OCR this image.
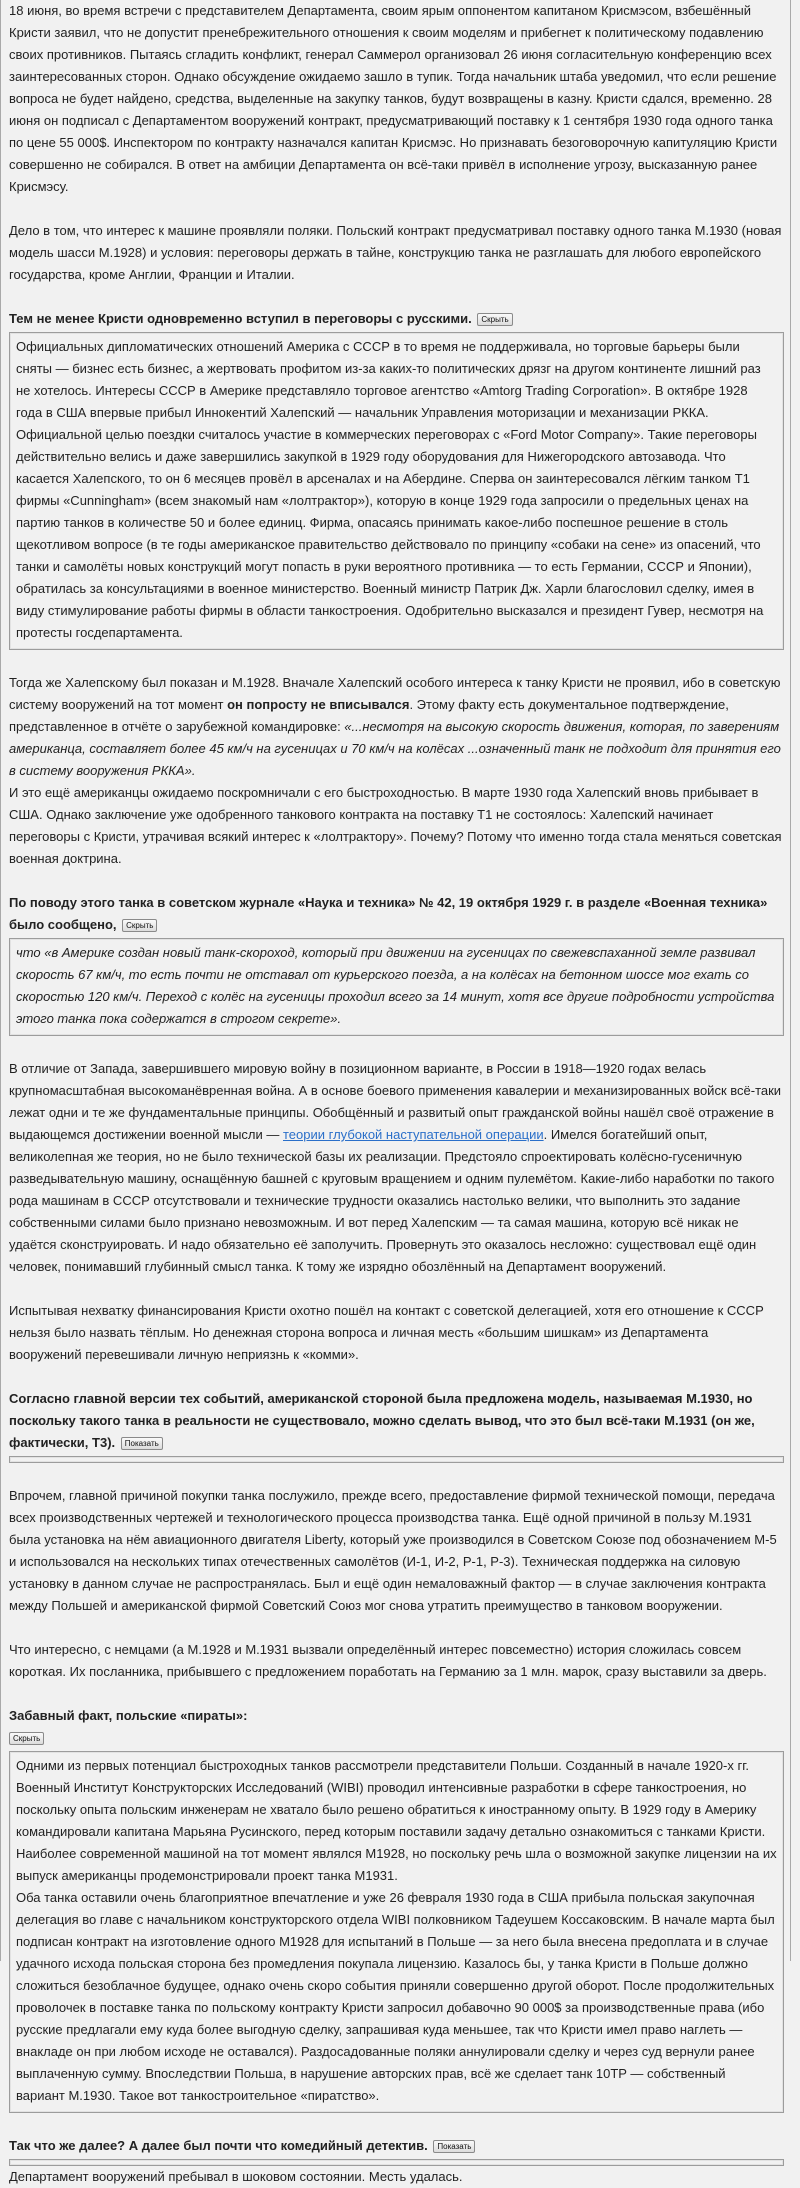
18 июня, во время встречи с представителем Департамента, своим ярым оппонентом капитаном Крисмэсом, взбешённый Кристи заявил, что не допустит пренебрежительного отношения к своим моделям и прибегнет к политическому подавлению своих противников. Пытаясь сгладить конфликт, генерал Саммерол организовал 26 июня согласительную конференцию всех заинтересованных сторон. Однако обсуждение ожидаемо зашло в тупик. Тогда начальник штаба уведомил, что если решение вопроса не будет найдено, средства, выделенные на закупку танков, будут возвращены в казну. Кристи сдался, временно. 28 июня он подписал с Департаментом вооружений контракт, предусматривающий поставку к 1 сентября 1930 года одного танка по цене 55 000$. Инспектором по контракту назначался капитан Крисмэс. Но признавать безоговорочную капитуляцию Кристи совершенно не собирался. В ответ на амбиции Департамента он всё-таки привёл в исполнение угрозу, высказанную ранее Крисмэсу.

Дело в том, что интерес к машине проявляли поляки. Польский контракт предусматривал поставку одного танка М.1930 (новая модель шасси М.1928) и условия: переговоры держать в тайне, конструкцию танка не разглашать для любого европейского государства, кроме Англии, Франции и Италии.

Тем не менее Кристи одновременно вступил в переговоры с русскими. Скрыть

Официальных дипломатических отношений Америка с СССР в то время не поддерживала, но торговые барьеры были сняты — бизнес есть бизнес, а жертвовать профитом из-за каких-то политических дрязг на другом континенте лишний раз не хотелось. Интересы СССР в Америке представляло торговое агентство «Amtorg Trading Corporation». В октябре 1928 года в США впервые прибыл Иннокентий Халепский — начальник Управления моторизации и механизации РККА. Официальной целью поездки считалось участие в коммерческих переговорах с «Ford Motor Company». Такие переговоры действительно велись и даже завершились закупкой в 1929 году оборудования для Нижегородского автозавода. Что касается Халепского, то он 6 месяцев провёл в арсеналах и на Абердине. Сперва он заинтересовался лёгким танком Т1 фирмы «Cunningham» (всем знакомый нам «лолтрактор»), которую в конце 1929 года запросили о предельных ценах на партию танков в количестве 50 и более единиц. Фирма, опасаясь принимать какое-либо поспешное решение в столь щекотливом вопросе (в те годы американское правительство действовало по принципу «собаки на сене» из опасений, что танки и самолёты новых конструкций могут попасть в руки вероятного противника — то есть Германии, СССР и Японии), обратилась за консультациями в военное министерство. Военный министр Патрик Дж. Харли благословил сделку, имея в виду стимулирование работы фирмы в области танкостроения. Одобрительно высказался и президент Гувер, несмотря на протесты госдепартамента.

Тогда же Халепскому был показан и М.1928. Вначале Халепский особого интереса к танку Кристи не проявил, ибо в советскую систему вооружений на тот момент он попросту не вписывался. Этому факту есть документальное подтверждение, представленное в отчёте о зарубежной командировке: «...несмотря на высокую скорость движения, которая, по заверениям американца, составляет более 45 км/ч на гусеницах и 70 км/ч на колёсах ...означенный танк не подходит для принятия его в систему вооружения РККА».

И это ещё американцы ожидаемо поскромничали с его быстроходностью. В марте 1930 года Халепский вновь прибывает в США. Однако заключение уже одобренного танкового контракта на поставку Т1 не состоялось: Халепский начинает переговоры с Кристи, утрачивая всякий интерес к «лолтрактору». Почему? Потому что именно тогда стала меняться советская военная доктрина.

По поводу этого танка в советском журнале «Наука и техника» № 42, 19 октября 1929 г. в разделе «Военная техника» было сообщено, Скрыть

что «в Америке создан новый танк-скороход, который при движении на гусеницах по свежевспаханной земле развивал скорость 67 км/ч, то есть почти не отставал от курьерского поезда, а на колёсах на бетонном шоссе мог ехать со скоростью 120 км/ч. Переход с колёс на гусеницы проходил всего за 14 минут, хотя все другие подробности устройства этого танка пока содержатся в строгом секрете».

В отличие от Запада, завершившего мировую войну в позиционном варианте, в России в 1918—1920 годах велась крупномасштабная высокоманёвренная война. А в основе боевого применения кавалерии и механизированных войск всё-таки лежат одни и те же фундаментальные принципы. Обобщённый и развитый опыт гражданской войны нашёл своё отражение в выдающемся достижении военной мысли — теории глубокой наступательной операции. Имелся богатейший опыт, великолепная же теория, но не было технической базы их реализации. Предстояло спроектировать колёсно-гусеничную разведывательную машину, оснащённую башней с круговым вращением и одним пулемётом. Какие-либо наработки по такого рода машинам в СССР отсутствовали и технические трудности оказались настолько велики, что выполнить это задание собственными силами было признано невозможным. И вот перед Халепским — та самая машина, которую всё никак не удаётся сконструировать. И надо обязательно её заполучить. Провернуть это оказалось несложно: существовал ещё один человек, понимавший глубинный смысл танка. К тому же изрядно обозлённый на Департамент вооружений.

Испытывая нехватку финансирования Кристи охотно пошёл на контакт с советской делегацией, хотя его отношение к СССР нельзя было назвать тёплым. Но денежная сторона вопроса и личная месть «большим шишкам» из Департамента вооружений перевешивали личную неприязнь к «комми».

Согласно главной версии тех событий, американской стороной была предложена модель, называемая М.1930, но поскольку такого танка в реальности не существовало, можно сделать вывод, что это был всё-таки М.1931 (он же, фактически, Т3). Показать

Впрочем, главной причиной покупки танка послужило, прежде всего, предоставление фирмой технической помощи, передача всех производственных чертежей и технологического процесса производства танка. Ещё одной причиной в пользу М.1931 была установка на нём авиационного двигателя Liberty, который уже производился в Советском Союзе под обозначением М-5 и использовался на нескольких типах отечественных самолётов (И-1, И-2, Р-1, Р-3). Техническая поддержка на силовую установку в данном случае не распространялась. Был и ещё один немаловажный фактор — в случае заключения контракта между Польшей и американской фирмой Советский Союз мог снова утратить преимущество в танковом вооружении.

Что интересно, с немцами (а М.1928 и М.1931 вызвали определённый интерес повсеместно) история сложилась совсем короткая. Их посланника, прибывшего с предложением поработать на Германию за 1 млн. марок, сразу выставили за дверь.

Забавный факт, польские «пираты»:
Скрыть

Одними из первых потенциал быстроходных танков рассмотрели представители Польши. Созданный в начале 1920-х гг. Военный Институт Конструкторских Исследований (WIBI) проводил интенсивные разработки в сфере танкостроения, но поскольку опыта польским инженерам не хватало было решено обратиться к иностранному опыту. В 1929 году в Америку командировали капитана Марьяна Русинского, перед которым поставили задачу детально ознакомиться с танками Кристи. Наиболее современной машиной на тот момент являлся М1928, но поскольку речь шла о возможной закупке лицензии на их выпуск американцы продемонстрировали проект танка М1931.

Оба танка оставили очень благоприятное впечатление и уже 26 февраля 1930 года в США прибыла польская закупочная делегация во главе с начальником конструкторского отдела WIBI полковником Тадеушем Коссаковским. В начале марта был подписан контракт на изготовление одного М1928 для испытаний в Польше — за него была внесена предоплата и в случае удачного исхода польская сторона без промедления покупала лицензию. Казалось бы, у танка Кристи в Польше должно сложиться безоблачное будущее, однако очень скоро события приняли совершенно другой оборот. После продолжительных проволочек в поставке танка по польскому контракту Кристи запросил добавочно 90 000$ за производственные права (ибо русские предлагали ему куда более выгодную сделку, запрашивая куда меньшее, так что Кристи имел право наглеть — внакладе он при любом исходе не оставался). Раздосадованные поляки аннулировали сделку и через суд вернули ранее выплаченную сумму. Впоследствии Польша, в нарушение авторских прав, всё же сделает танк 10TP — собственный вариант М.1930. Такое вот танкостроительное «пиратство».

Так что же далее? А далее был почти что комедийный детектив. Показать

Департамент вооружений пребывал в шоковом состоянии. Месть удалась.
